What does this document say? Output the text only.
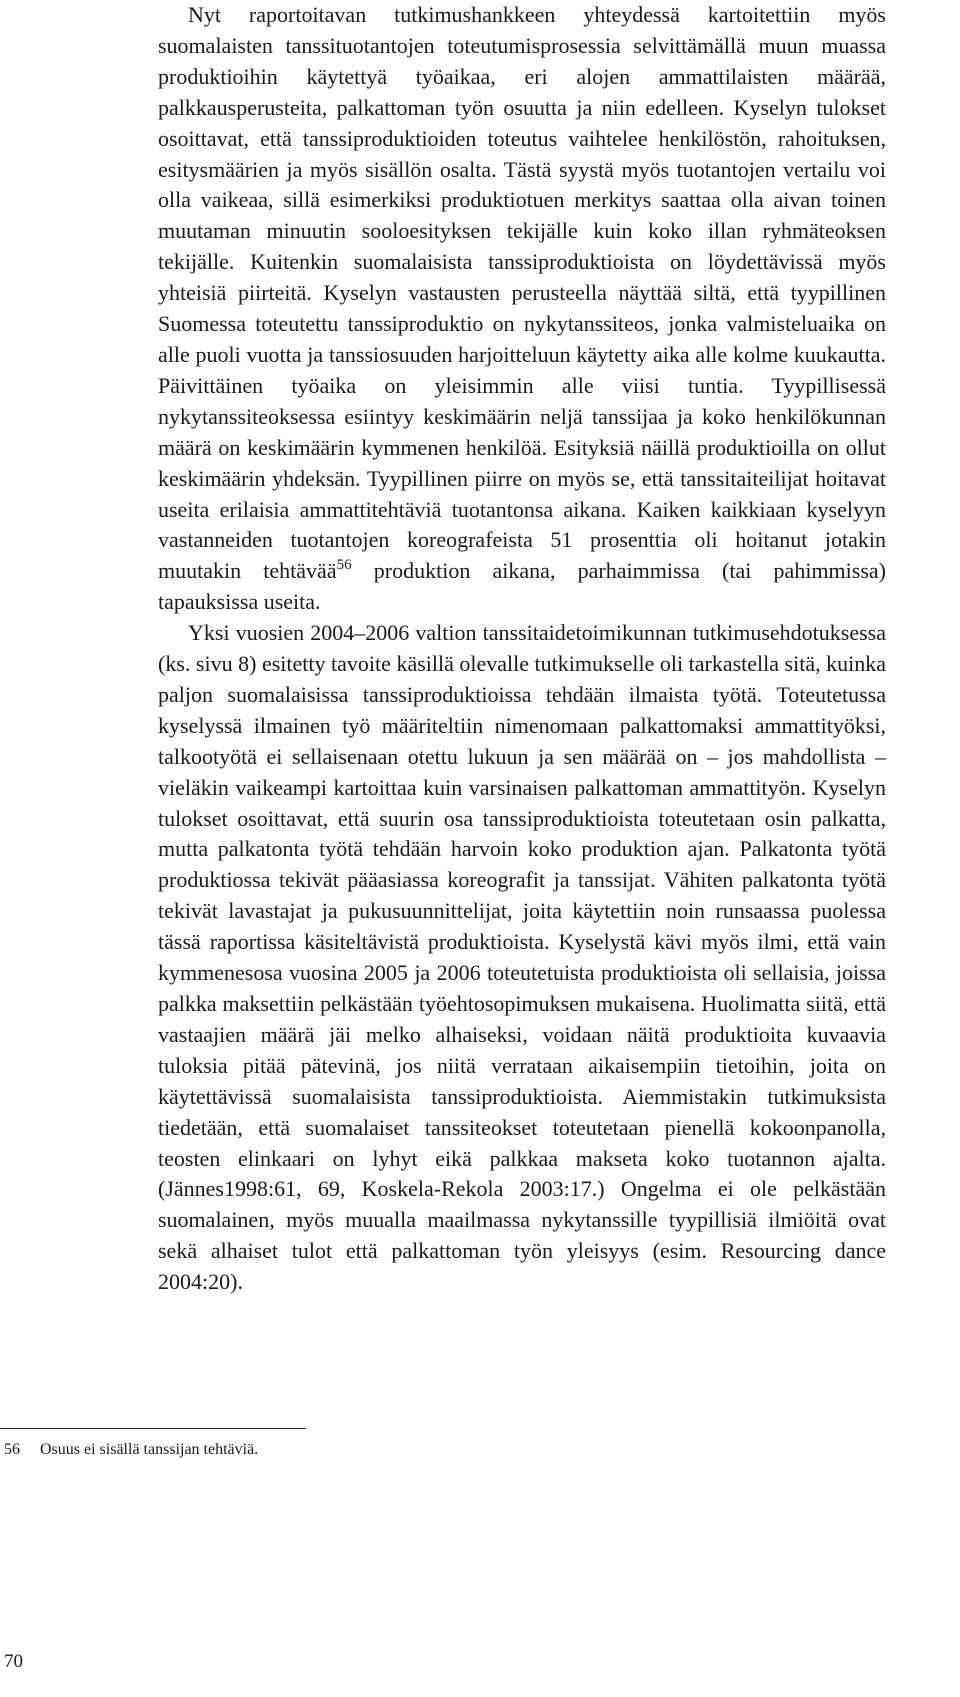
Nyt raportoitavan tutkimushankkeen yhteydessä kartoitettiin myös suomalaisten tanssituotantojen toteutumisprosessia selvittämällä muun muassa produktioihin käytettyä työaikaa, eri alojen ammattilaisten määrää, palkkausperusteita, palkattoman työn osuutta ja niin edelleen. Kyselyn tulokset osoittavat, että tanssiproduktioiden toteutus vaihtelee henkilöstön, rahoituksen, esitysmäärien ja myös sisällön osalta. Tästä syystä myös tuotantojen vertailu voi olla vaikeaa, sillä esimerkiksi produktiotuen merkitys saattaa olla aivan toinen muutaman minuutin sooloesityksen tekijälle kuin koko illan ryhmäteoksen tekijälle. Kuitenkin suomalaisista tanssiproduktioista on löydettävissä myös yhteisiä piirteitä. Kyselyn vastausten perusteella näyttää siltä, että tyypillinen Suomessa toteutettu tanssiproduktio on nykytanssiteos, jonka valmisteluaika on alle puoli vuotta ja tanssiosuuden harjoitteluun käytetty aika alle kolme kuukautta. Päivittäinen työaika on yleisimmin alle viisi tuntia. Tyypillisessä nykytanssiteoksessa esiintyy keskimäärin neljä tanssijaa ja koko henkilökunnan määrä on keskimäärin kymmenen henkilöä. Esityksiä näillä produktioilla on ollut keskimäärin yhdeksän. Tyypillinen piirre on myös se, että tanssitaiteilijat hoitavat useita erilaisia ammattitehtäviä tuotantonsa aikana. Kaiken kaikkiaan kyselyyn vastanneiden tuotantojen koreografeista 51 prosenttia oli hoitanut jotakin muutakin tehtävää$^{56}$ produktion aikana, parhaimmissa (tai pahimmissa) tapauksissa useita.

Yksi vuosien 2004–2006 valtion tanssitaidetoimikunnan tutkimusehdotuksessa (ks. sivu 8) esitetty tavoite käsillä olevalle tutkimukselle oli tarkastella sitä, kuinka paljon suomalaisissa tanssiproduktioissa tehdään ilmaista työtä. Toteutetussa kyselyssä ilmainen työ määriteltiin nimenomaan palkattomaksi ammattityöksi, talkootyötä ei sellaisenaan otettu lukuun ja sen määrää on – jos mahdollista – vieläkin vaikeampi kartoittaa kuin varsinaisen palkattoman ammattityön. Kyselyn tulokset osoittavat, että suurin osa tanssiproduktioista toteutetaan osin palkatta, mutta palkatonta työtä tehdään harvoin koko produktion ajan. Palkatonta työtä produktiossa tekivät pääasiassa koreografit ja tanssijat. Vähiten palkatonta työtä tekivät lavastajat ja pukusuunnittelijat, joita käytettiin noin runsaassa puolessa tässä raportissa käsiteltävistä produktioista. Kyselystä kävi myös ilmi, että vain kymmenesosa vuosina 2005 ja 2006 toteutetuista produktioista oli sellaisia, joissa palkka maksettiin pelkästään työehtosopimuksen mukaisena. Huolimatta siitä, että vastaajien määrä jäi melko alhaiseksi, voidaan näitä produktioita kuvaavia tuloksia pitää pätevinä, jos niitä verrataan aikaisempiin tietoihin, joita on käytettävissä suomalaisista tanssiproduktioista. Aiemmistakin tutkimuksista tiedetään, että suomalaiset tanssiteokset toteutetaan pienellä kokoonpanolla, teosten elinkaari on lyhyt eikä palkkaa makseta koko tuotannon ajalta. (Jännes1998:61, 69, Koskela-Rekola 2003:17.) Ongelma ei ole pelkästään suomalainen, myös muualla maailmassa nykytanssille tyypillisiä ilmiöitä ovat sekä alhaiset tulot että palkattoman työn yleisyys (esim. Resourcing dance 2004:20).

56 Osuus ei sisällä tanssijan tehtäviä.
70
